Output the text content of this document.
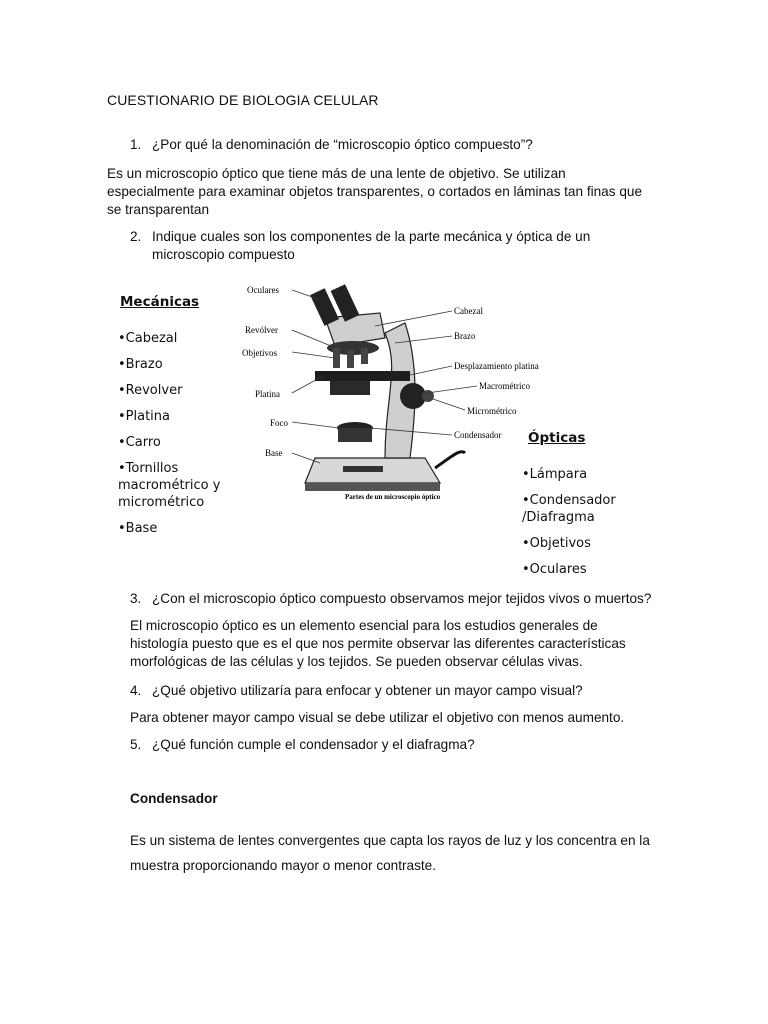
CUESTIONARIO DE BIOLOGIA CELULAR
1. ¿Por qué la denominación de “microscopio óptico compuesto”?
Es un microscopio óptico que tiene más de una lente de objetivo. Se utilizan
especialmente para examinar objetos transparentes, o cortados en láminas tan finas que
se transparentan
2. Indique cuales son los componentes de la parte mecánica y óptica de un
microscopio compuesto
Mecánicas
•Cabezal
•Brazo
•Revolver
•Platina
•Carro
•Tornillos
macrométrico y
micrométrico
•Base
Oculares
Revólver
Objetivos
Platina
Foco
Base
Cabezal
Brazo
Desplazamiento platina
Macrométrico
Micrométrico
Condensador
Partes de un microscopio óptico
Ópticas
•Lámpara
•Condensador
/Diafragma
•Objetivos
•Oculares
3. ¿Con el microscopio óptico compuesto observamos mejor tejidos vivos o muertos?
El microscopio óptico es un elemento esencial para los estudios generales de
histología puesto que es el que nos permite observar las diferentes características
morfológicas de las células y los tejidos. Se pueden observar células vivas.
4. ¿Qué objetivo utilizaría para enfocar y obtener un mayor campo visual?
Para obtener mayor campo visual se debe utilizar el objetivo con menos aumento.
5. ¿Qué función cumple el condensador y el diafragma?
Condensador
Es un sistema de lentes convergentes que capta los rayos de luz y los concentra en la
muestra proporcionando mayor o menor contraste.
